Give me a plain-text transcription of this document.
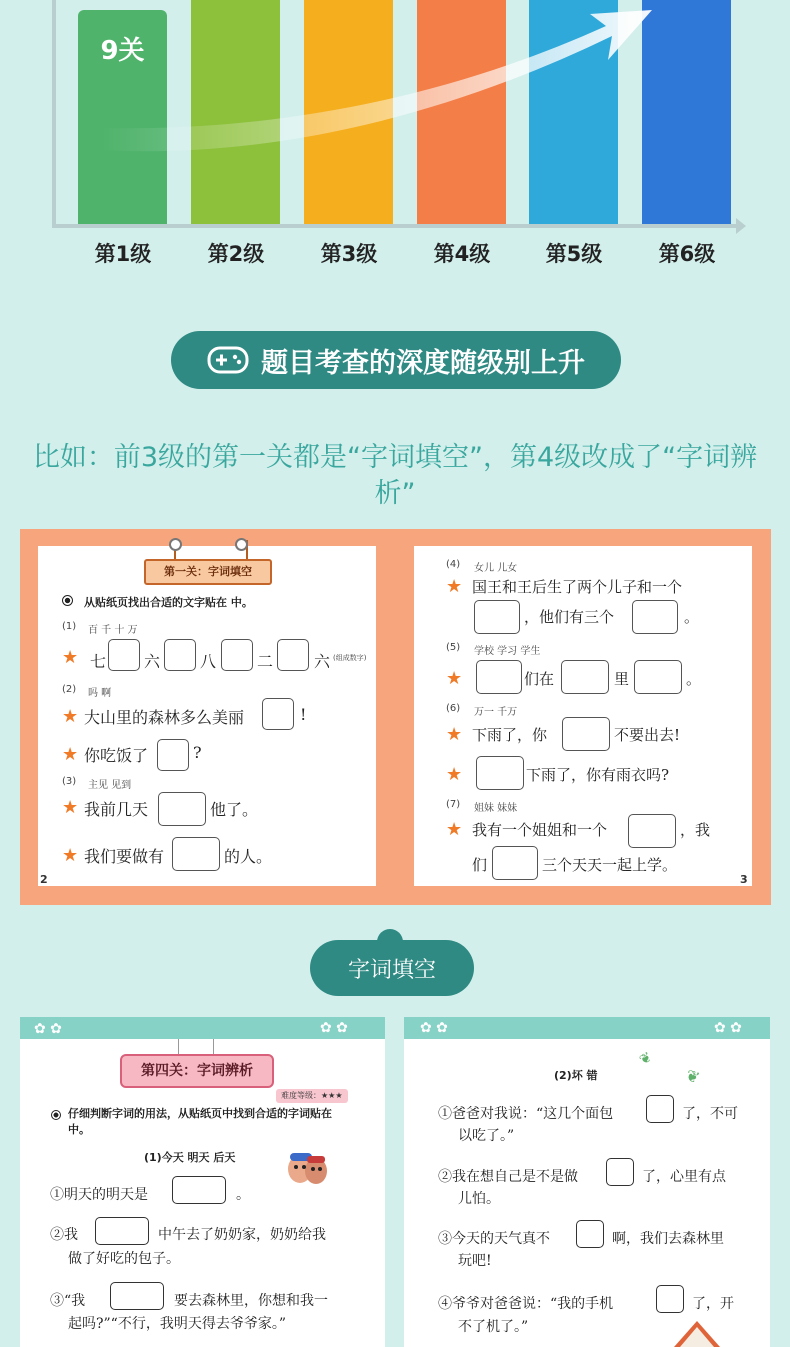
9关
第1级	第2级	第3级	第4级	第5级	第6级
题目考查的深度随级别上升
比如：前3级的第一关都是“字词填空”，第4级改成了“字词辨析”
第一关：字词填空
从贴纸页找出合适的文字贴在 中。
(1) 百 千 十 万
★ 七 六 八	二	六 (组成数字)
(2) 吗 啊
★ 大山里的森林多么美丽	!
★ 你吃饭了	?
(3) 主见 见到
★ 我前几天	他了。
★ 我们要做有	的人。
2
(4) 女儿 儿女
★ 国王和王后生了两个儿子和一个
，他们有三个	。
(5) 学校 学习 学生
★	们在	里	。
(6) 万一 千万
★ 下雨了，你	不要出去!
★	下雨了，你有雨衣吗?
(7) 姐妹 妹妹
★ 我有一个姐姐和一个	，我
们	三个天天一起上学。
3
字词填空
✿ ✿	✿ ✿
第四关：字词辨析
难度等级：★★★
仔细判断字词的用法，从贴纸页中找到合适的字词贴在 中。
(1)今天 明天 后天
①明天的明天是	。
②我	中午去了奶奶家，奶奶给我
做了好吃的包子。
③“我	要去森林里，你想和我一
起吗?”“不行，我明天得去爷爷家。”
✿ ✿	✿ ✿
❦
❦
(2)坏 错
①爸爸对我说：“这几个面包	了，不可
以吃了。”
②我在想自己是不是做	了，心里有点
儿怕。
③今天的天气真不	啊，我们去森林里
玩吧!
④爷爷对爸爸说：“我的手机	了，开
不了机了。”
